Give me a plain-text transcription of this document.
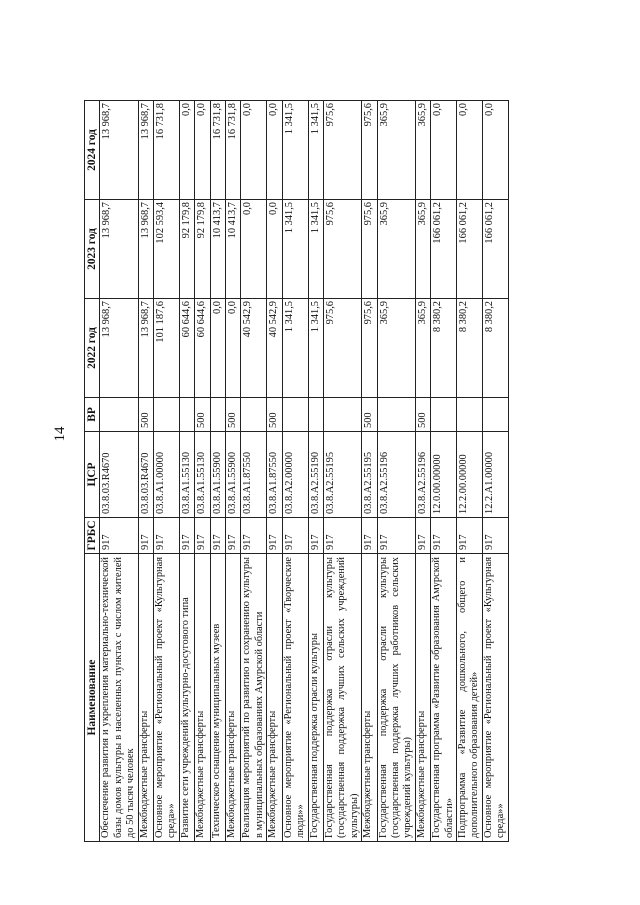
14
Наименование	ГРБС	ЦСР	ВР	2022 год	2023 год	2024 год
Обеспечение развития и укрепления материально-технической базы домов культуры в населенных пунктах с числом жителей до 50 тысяч человек	917	03.8.03.R4670		13 968,7	13 968,7	13 968,7
Межбюджетные трансферты	917	03.8.03.R4670	500	13 968,7	13 968,7	13 968,7
Основное мероприятие «Региональный проект «Культурная среда»»	917	03.8.A1.00000		101 187,6	102 593,4	16 731,8
Развитие сети учреждений культурно-досугового типа	917	03.8.A1.55130		60 644,6	92 179,8	0,0
Межбюджетные трансферты	917	03.8.A1.55130	500	60 644,6	92 179,8	0,0
Техническое оснащение муниципальных музеев	917	03.8.A1.55900		0,0	10 413,7	16 731,8
Межбюджетные трансферты	917	03.8.A1.55900	500	0,0	10 413,7	16 731,8
Реализация мероприятий по развитию и сохранению культуры в муниципальных образованиях Амурской области	917	03.8.A1.87550		40 542,9	0,0	0,0
Межбюджетные трансферты	917	03.8.A1.87550	500	40 542,9	0,0	0,0
Основное мероприятие «Региональный проект «Творческие люди»»	917	03.8.A2.00000		1 341,5	1 341,5	1 341,5
Государственная поддержка отрасли культуры	917	03.8.A2.55190		1 341,5	1 341,5	1 341,5
Государственная поддержка отрасли культуры (государственная поддержка лучших сельских учреждений культуры)	917	03.8.A2.55195		975,6	975,6	975,6
Межбюджетные трансферты	917	03.8.A2.55195	500	975,6	975,6	975,6
Государственная поддержка отрасли культуры (государственная поддержка лучших работников сельских учреждений культуры)	917	03.8.A2.55196		365,9	365,9	365,9
Межбюджетные трансферты	917	03.8.A2.55196	500	365,9	365,9	365,9
Государственная программа «Развитие образования Амурской области»	917	12.0.00.00000		8 380,2	166 061,2	0,0
Подпрограмма «Развитие дошкольного, общего и дополнительного образования детей»	917	12.2.00.00000		8 380,2	166 061,2	0,0
Основное мероприятие «Региональный проект «Культурная среда»»	917	12.2.A1.00000		8 380,2	166 061,2	0,0
